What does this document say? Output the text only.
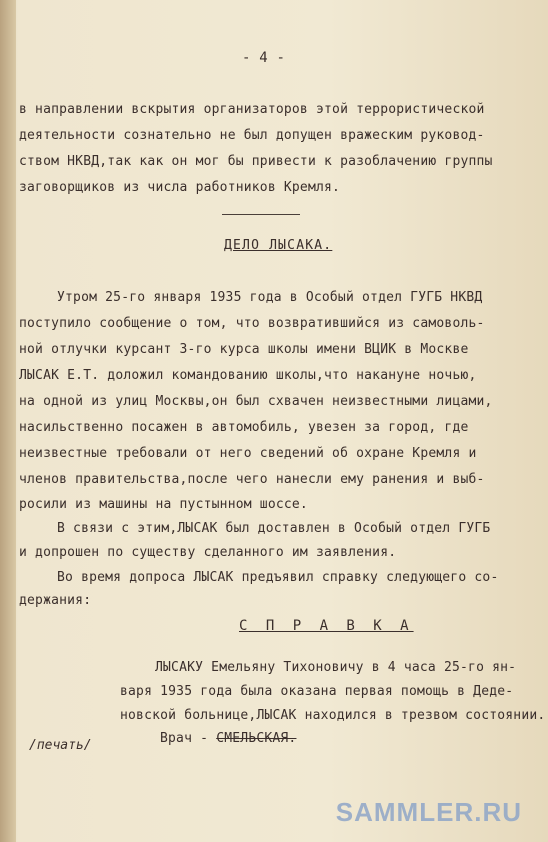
- 4 -
в направлении вскрытия организаторов этой террористической
деятельности сознательно не был допущен вражеским руковод-
ством НКВД,так как он мог бы привести к разоблачению группы
заговорщиков из числа работников Кремля.
ДЕЛО ЛЫСАКА.
Утром 25-го января 1935 года в Особый отдел ГУГБ НКВД
поступило сообщение о том, что возвратившийся из самоволь-
ной отлучки курсант 3-го курса школы имени ВЦИК в Москве
ЛЫСАК Е.Т. доложил командованию школы,что накануне ночью,
на одной из улиц Москвы,он был схвачен неизвестными лицами,
насильственно посажен в автомобиль, увезен за город, где
неизвестные требовали от него сведений об охране Кремля и
членов правительства,после чего нанесли ему ранения и выб-
росили из машины на пустынном шоссе.
В связи с этим,ЛЫСАК был доставлен в Особый отдел ГУГБ
и допрошен по существу сделанного им заявления.
Во время допроса ЛЫСАК предъявил справку следующего со-
держания:
С П Р А В К А
ЛЫСАКУ Емельяну Тихоновичу в 4 часа 25-го ян-
варя 1935 года была оказана первая помощь в Деде-
новской больнице,ЛЫСАК находился в трезвом состоянии.
Врач - СМЕЛЬСКАЯ.
/печать/
SAMMLER.RU
